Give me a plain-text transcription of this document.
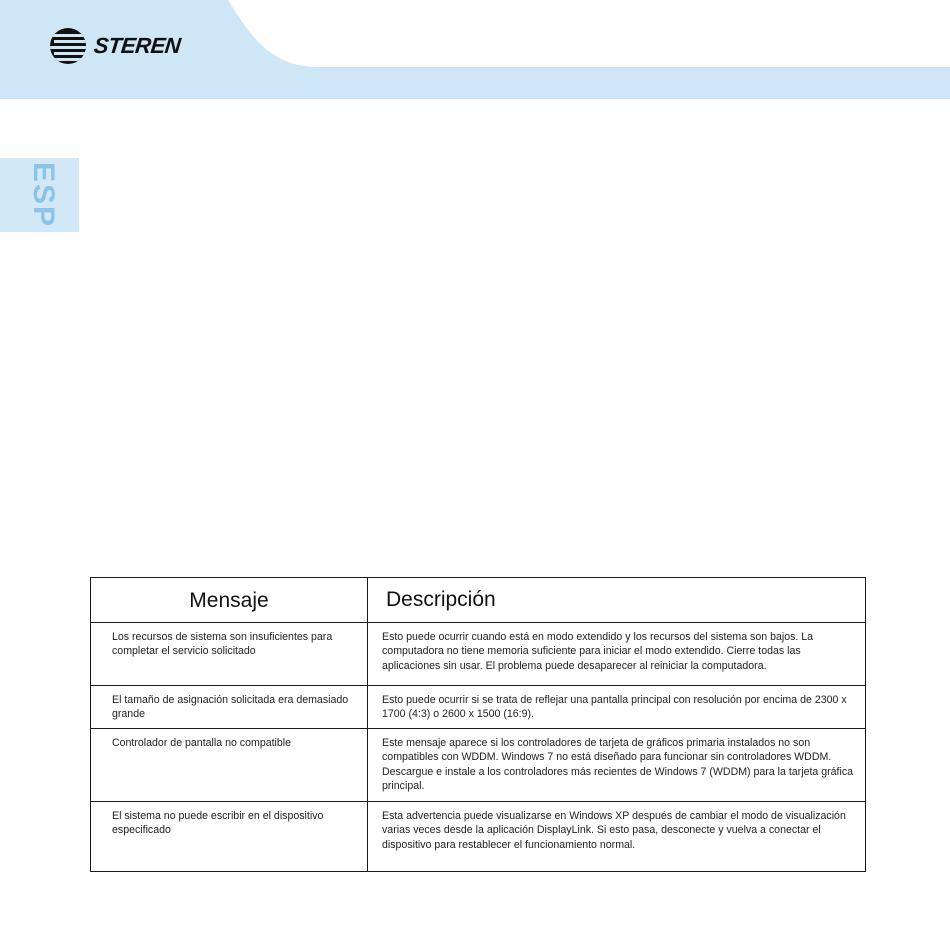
STEREN
ESP
Mensaje	Descripción
Los recursos de sistema son insuficientes para completar el servicio solicitado	Esto puede ocurrir cuando está en modo extendido y los recursos del sistema son bajos. La computadora no tiene memoria suficiente para iniciar el modo extendido. Cierre todas las aplicaciones sin usar. El problema puede desaparecer al reiniciar la computadora.
El tamaño de asignación solicitada era demasiado grande	Esto puede ocurrir si se trata de reflejar una pantalla principal con resolución por encima de 2300 x 1700 (4:3) o 2600 x 1500 (16:9).
Controlador de pantalla no compatible	Este mensaje aparece si los controladores de tarjeta de gráficos primaria instalados no son compatibles con WDDM. Windows 7 no está diseñado para funcionar sin controladores WDDM. Descargue e instale a los controladores más recientes de Windows 7 (WDDM) para la tarjeta gráfica principal.
El sistema no puede escribir en el dispositivo especificado	Esta advertencia puede visualizarse en Windows XP después de cambiar el modo de visualización varias veces desde la aplicación DisplayLink. Si esto pasa, desconecte y vuelva a conectar el dispositivo para restablecer el funcionamiento normal.
